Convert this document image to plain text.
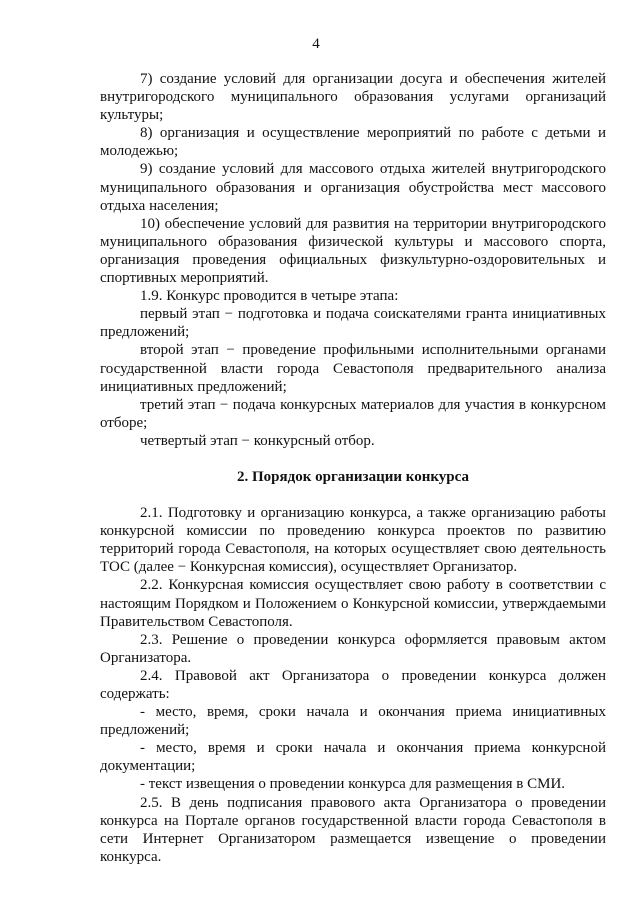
4

7) создание условий для организации досуга и обеспечения жителей внутригородского муниципального образования услугами организаций культуры;

8) организация и осуществление мероприятий по работе с детьми и молодежью;

9) создание условий для массового отдыха жителей внутригородского муниципального образования и организация обустройства мест массового отдыха населения;

10) обеспечение условий для развития на территории внутригородского муниципального образования физической культуры и массового спорта, организация проведения официальных физкультурно-оздоровительных и спортивных мероприятий.

1.9. Конкурс проводится в четыре этапа:

первый этап − подготовка и подача соискателями гранта инициативных предложений;

второй этап − проведение профильными исполнительными органами государственной власти города Севастополя предварительного анализа инициативных предложений;

третий этап − подача конкурсных материалов для участия в конкурсном отборе;

четвертый этап − конкурсный отбор.

2. Порядок организации конкурса

2.1. Подготовку и организацию конкурса, а также организацию работы конкурсной комиссии по проведению конкурса проектов по развитию территорий города Севастополя, на которых осуществляет свою деятельность ТОС (далее − Конкурсная комиссия), осуществляет Организатор.

2.2. Конкурсная комиссия осуществляет свою работу в соответствии с настоящим Порядком и Положением о Конкурсной комиссии, утверждаемыми Правительством Севастополя.

2.3. Решение о проведении конкурса оформляется правовым актом Организатора.

2.4. Правовой акт Организатора о проведении конкурса должен содержать:

- место, время, сроки начала и окончания приема инициативных предложений;

- место, время и сроки начала и окончания приема конкурсной документации;

- текст извещения о проведении конкурса для размещения в СМИ.

2.5. В день подписания правового акта Организатора о проведении конкурса на Портале органов государственной власти города Севастополя в сети Интернет Организатором размещается извещение о проведении конкурса.
